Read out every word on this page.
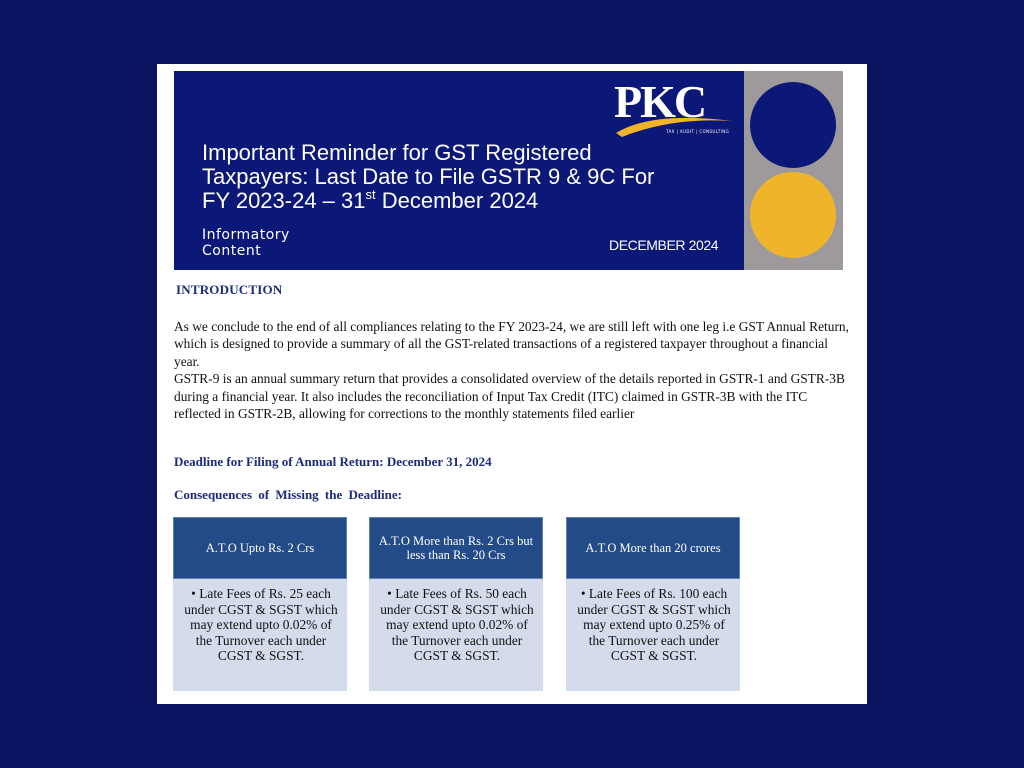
PKC
TAX | AUDIT | CONSULTING
Important Reminder for GST Registered
Taxpayers: Last Date to File GSTR 9 & 9C For
FY 2023-24 – 31st December 2024
Informatory
Content	DECEMBER 2024
INTRODUCTION

As we conclude to the end of all compliances relating to the FY 2023-24, we are still left with one leg i.e GST Annual Return, which is designed to provide a summary of all the GST-related transactions of a registered taxpayer throughout a financial year.

GSTR-9 is an annual summary return that provides a consolidated overview of the details reported in GSTR-1 and GSTR-3B during a financial year. It also includes the reconciliation of Input Tax Credit (ITC) claimed in GSTR-3B with the ITC reflected in GSTR-2B, allowing for corrections to the monthly statements filed earlier

Deadline for Filing of Annual Return: December 31, 2024
Consequences of Missing the Deadline:
A.T.O Upto Rs. 2 Crs
• Late Fees of Rs. 25 each under CGST & SGST which may extend upto 0.02% of the Turnover each under CGST & SGST.
A.T.O More than Rs. 2 Crs but less than Rs. 20 Crs
• Late Fees of Rs. 50 each under CGST & SGST which may extend upto 0.02% of the Turnover each under CGST & SGST.
A.T.O More than 20 crores
• Late Fees of Rs. 100 each under CGST & SGST which may extend upto 0.25% of the Turnover each under CGST & SGST.
